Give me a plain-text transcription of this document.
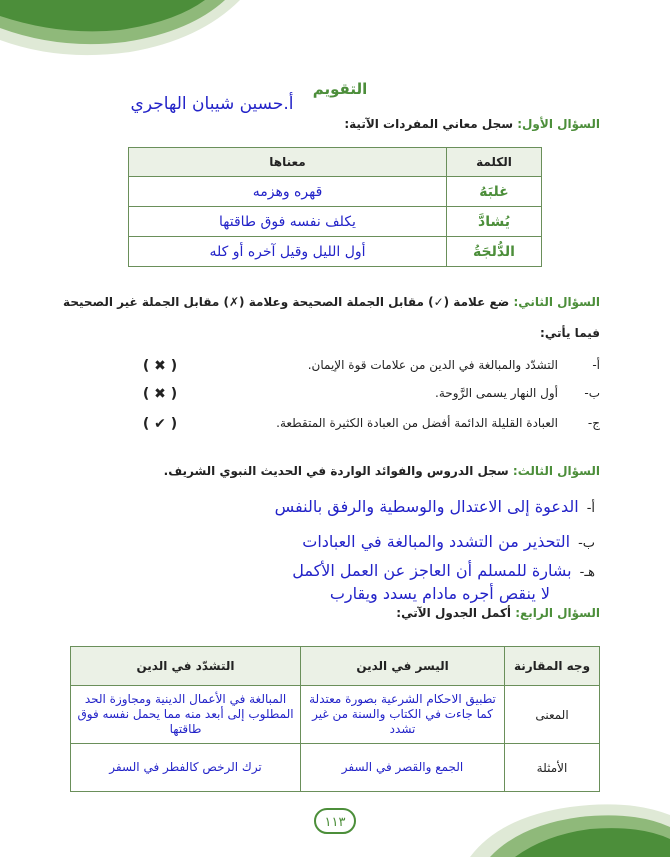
التقويم
أ.حسين شيبان الهاجري
السؤال الأول: سجل معاني المفردات الآتية:
الكلمة	معناها
غلبَهُ	قهره وهزمه
يُشادَّ	يكلف نفسه فوق طاقتها
الدُّلجَةُ	أول الليل وقيل آخره أو كله
السؤال الثاني: ضع علامة (✓) مقابل الجملة الصحيحة وعلامة (✗) مقابل الجملة غير الصحيحة فيما يأتي:
أ-
التشدّد والمبالغة في الدين من علامات قوة الإيمان.
( ✖ )
ب-
أول النهار يسمى الرَّوحة.
( ✖ )
ج-
العبادة القليلة الدائمة أفضل من العبادة الكثيرة المتقطعة.
( ✔ )
السؤال الثالث: سجل الدروس والفوائد الواردة في الحديث النبوي الشريف.
أ-الدعوة إلى الاعتدال والوسطية والرفق بالنفس
ب-التحذير من التشدد والمبالغة في العبادات
هـ-بشارة للمسلم أن العاجز عن العمل الأكمل
لا ينقص أجره مادام يسدد ويقارب
السؤال الرابع: أكمل الجدول الآتي:
وجه المقارنة	اليسر في الدين	التشدّد في الدين
المعنى	تطبيق الاحكام الشرعية بصورة معتدلة كما جاءت في الكتاب والسنة من غير تشدد	المبالغة في الأعمال الدينية ومجاوزة الحد المطلوب إلى أبعد منه مما يحمل نفسه فوق طاقتها
الأمثلة	الجمع والقصر في السفر	ترك الرخص كالفطر في السفر
١١٣
